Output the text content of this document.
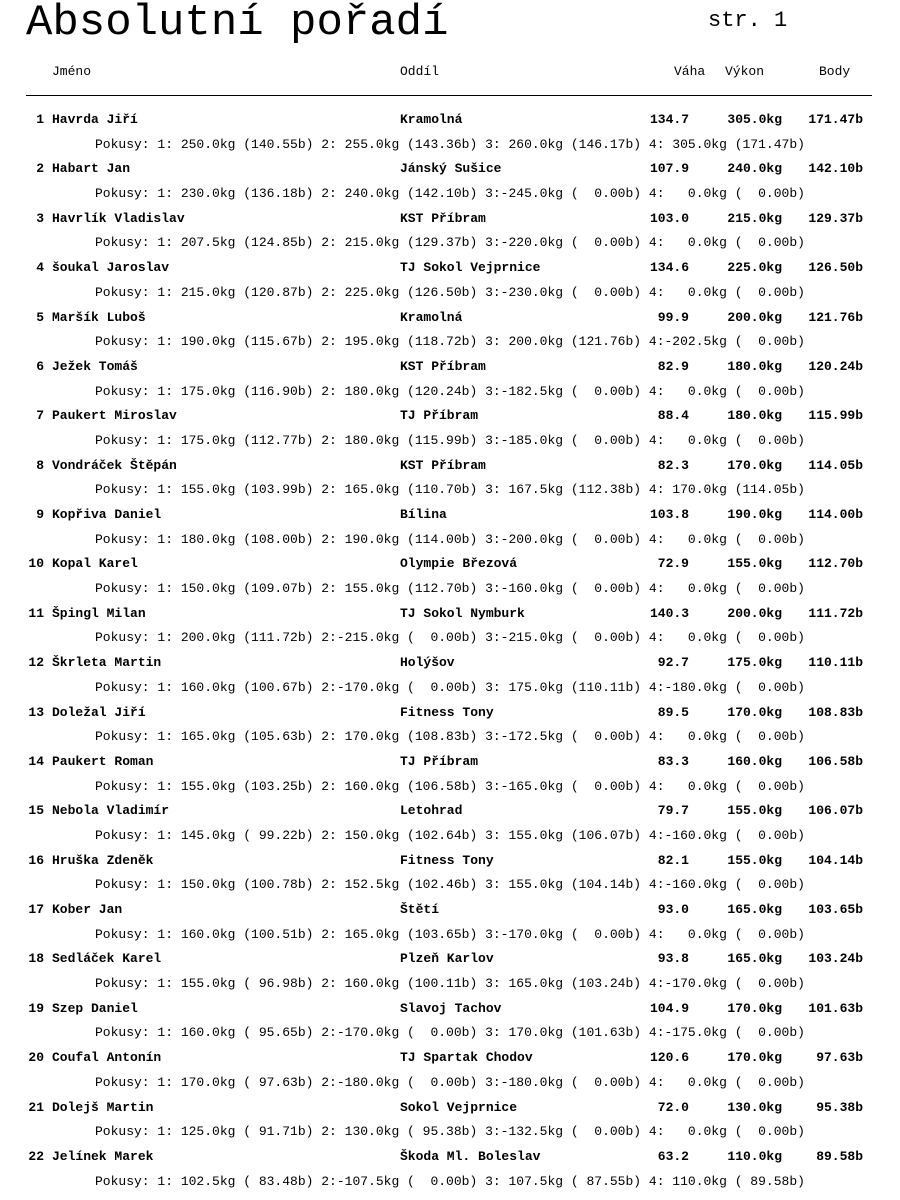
Absolutní pořadí	str. 1
Jméno	Oddíl	Váha Výkon	Body
1 Havrda Jiří	Kramolná	134.7	305.0kg 171.47b
Pokusy: 1: 250.0kg (140.55b) 2: 255.0kg (143.36b) 3: 260.0kg (146.17b) 4: 305.0kg (171.47b)
2 Habart Jan	Jánský Sušice	107.9	240.0kg 142.10b
Pokusy: 1: 230.0kg (136.18b) 2: 240.0kg (142.10b) 3:-245.0kg (  0.00b) 4:   0.0kg (  0.00b)
3 Havrlík Vladislav	KST Příbram	103.0	215.0kg 129.37b
Pokusy: 1: 207.5kg (124.85b) 2: 215.0kg (129.37b) 3:-220.0kg (  0.00b) 4:   0.0kg (  0.00b)
4 šoukal Jaroslav	TJ Sokol Vejprnice	134.6	225.0kg 126.50b
Pokusy: 1: 215.0kg (120.87b) 2: 225.0kg (126.50b) 3:-230.0kg (  0.00b) 4:   0.0kg (  0.00b)
5 Maršík Luboš	Kramolná	99.9	200.0kg 121.76b
Pokusy: 1: 190.0kg (115.67b) 2: 195.0kg (118.72b) 3: 200.0kg (121.76b) 4:-202.5kg (  0.00b)
6 Ježek Tomáš	KST Příbram	82.9	180.0kg 120.24b
Pokusy: 1: 175.0kg (116.90b) 2: 180.0kg (120.24b) 3:-182.5kg (  0.00b) 4:   0.0kg (  0.00b)
7 Paukert Miroslav	TJ Příbram	88.4	180.0kg 115.99b
Pokusy: 1: 175.0kg (112.77b) 2: 180.0kg (115.99b) 3:-185.0kg (  0.00b) 4:   0.0kg (  0.00b)
8 Vondráček Štěpán	KST Příbram	82.3	170.0kg 114.05b
Pokusy: 1: 155.0kg (103.99b) 2: 165.0kg (110.70b) 3: 167.5kg (112.38b) 4: 170.0kg (114.05b)
9 Kopřiva Daniel	Bílina	103.8	190.0kg 114.00b
Pokusy: 1: 180.0kg (108.00b) 2: 190.0kg (114.00b) 3:-200.0kg (  0.00b) 4:   0.0kg (  0.00b)
10 Kopal Karel	Olympie Březová	72.9	155.0kg 112.70b
Pokusy: 1: 150.0kg (109.07b) 2: 155.0kg (112.70b) 3:-160.0kg (  0.00b) 4:   0.0kg (  0.00b)
11 Špingl Milan	TJ Sokol Nymburk	140.3	200.0kg 111.72b
Pokusy: 1: 200.0kg (111.72b) 2:-215.0kg (  0.00b) 3:-215.0kg (  0.00b) 4:   0.0kg (  0.00b)
12 Škrleta Martin	Holýšov	92.7	175.0kg 110.11b
Pokusy: 1: 160.0kg (100.67b) 2:-170.0kg (  0.00b) 3: 175.0kg (110.11b) 4:-180.0kg (  0.00b)
13 Doležal Jiří	Fitness Tony	89.5	170.0kg 108.83b
Pokusy: 1: 165.0kg (105.63b) 2: 170.0kg (108.83b) 3:-172.5kg (  0.00b) 4:   0.0kg (  0.00b)
14 Paukert Roman	TJ Příbram	83.3	160.0kg 106.58b
Pokusy: 1: 155.0kg (103.25b) 2: 160.0kg (106.58b) 3:-165.0kg (  0.00b) 4:   0.0kg (  0.00b)
15 Nebola Vladimír	Letohrad	79.7	155.0kg 106.07b
Pokusy: 1: 145.0kg ( 99.22b) 2: 150.0kg (102.64b) 3: 155.0kg (106.07b) 4:-160.0kg (  0.00b)
16 Hruška Zdeněk	Fitness Tony	82.1	155.0kg 104.14b
Pokusy: 1: 150.0kg (100.78b) 2: 152.5kg (102.46b) 3: 155.0kg (104.14b) 4:-160.0kg (  0.00b)
17 Kober Jan	Štětí	93.0	165.0kg 103.65b
Pokusy: 1: 160.0kg (100.51b) 2: 165.0kg (103.65b) 3:-170.0kg (  0.00b) 4:   0.0kg (  0.00b)
18 Sedláček Karel	Plzeň Karlov	93.8	165.0kg 103.24b
Pokusy: 1: 155.0kg ( 96.98b) 2: 160.0kg (100.11b) 3: 165.0kg (103.24b) 4:-170.0kg (  0.00b)
19 Szep Daniel	Slavoj Tachov	104.9	170.0kg 101.63b
Pokusy: 1: 160.0kg ( 95.65b) 2:-170.0kg (  0.00b) 3: 170.0kg (101.63b) 4:-175.0kg (  0.00b)
20 Coufal Antonín	TJ Spartak Chodov	120.6	170.0kg	97.63b
Pokusy: 1: 170.0kg ( 97.63b) 2:-180.0kg (  0.00b) 3:-180.0kg (  0.00b) 4:   0.0kg (  0.00b)
21 Dolejš Martin	Sokol Vejprnice	72.0	130.0kg	95.38b
Pokusy: 1: 125.0kg ( 91.71b) 2: 130.0kg ( 95.38b) 3:-132.5kg (  0.00b) 4:   0.0kg (  0.00b)
22 Jelínek Marek	Škoda Ml. Boleslav	63.2	110.0kg	89.58b
Pokusy: 1: 102.5kg ( 83.48b) 2:-107.5kg (  0.00b) 3: 107.5kg ( 87.55b) 4: 110.0kg ( 89.58b)
